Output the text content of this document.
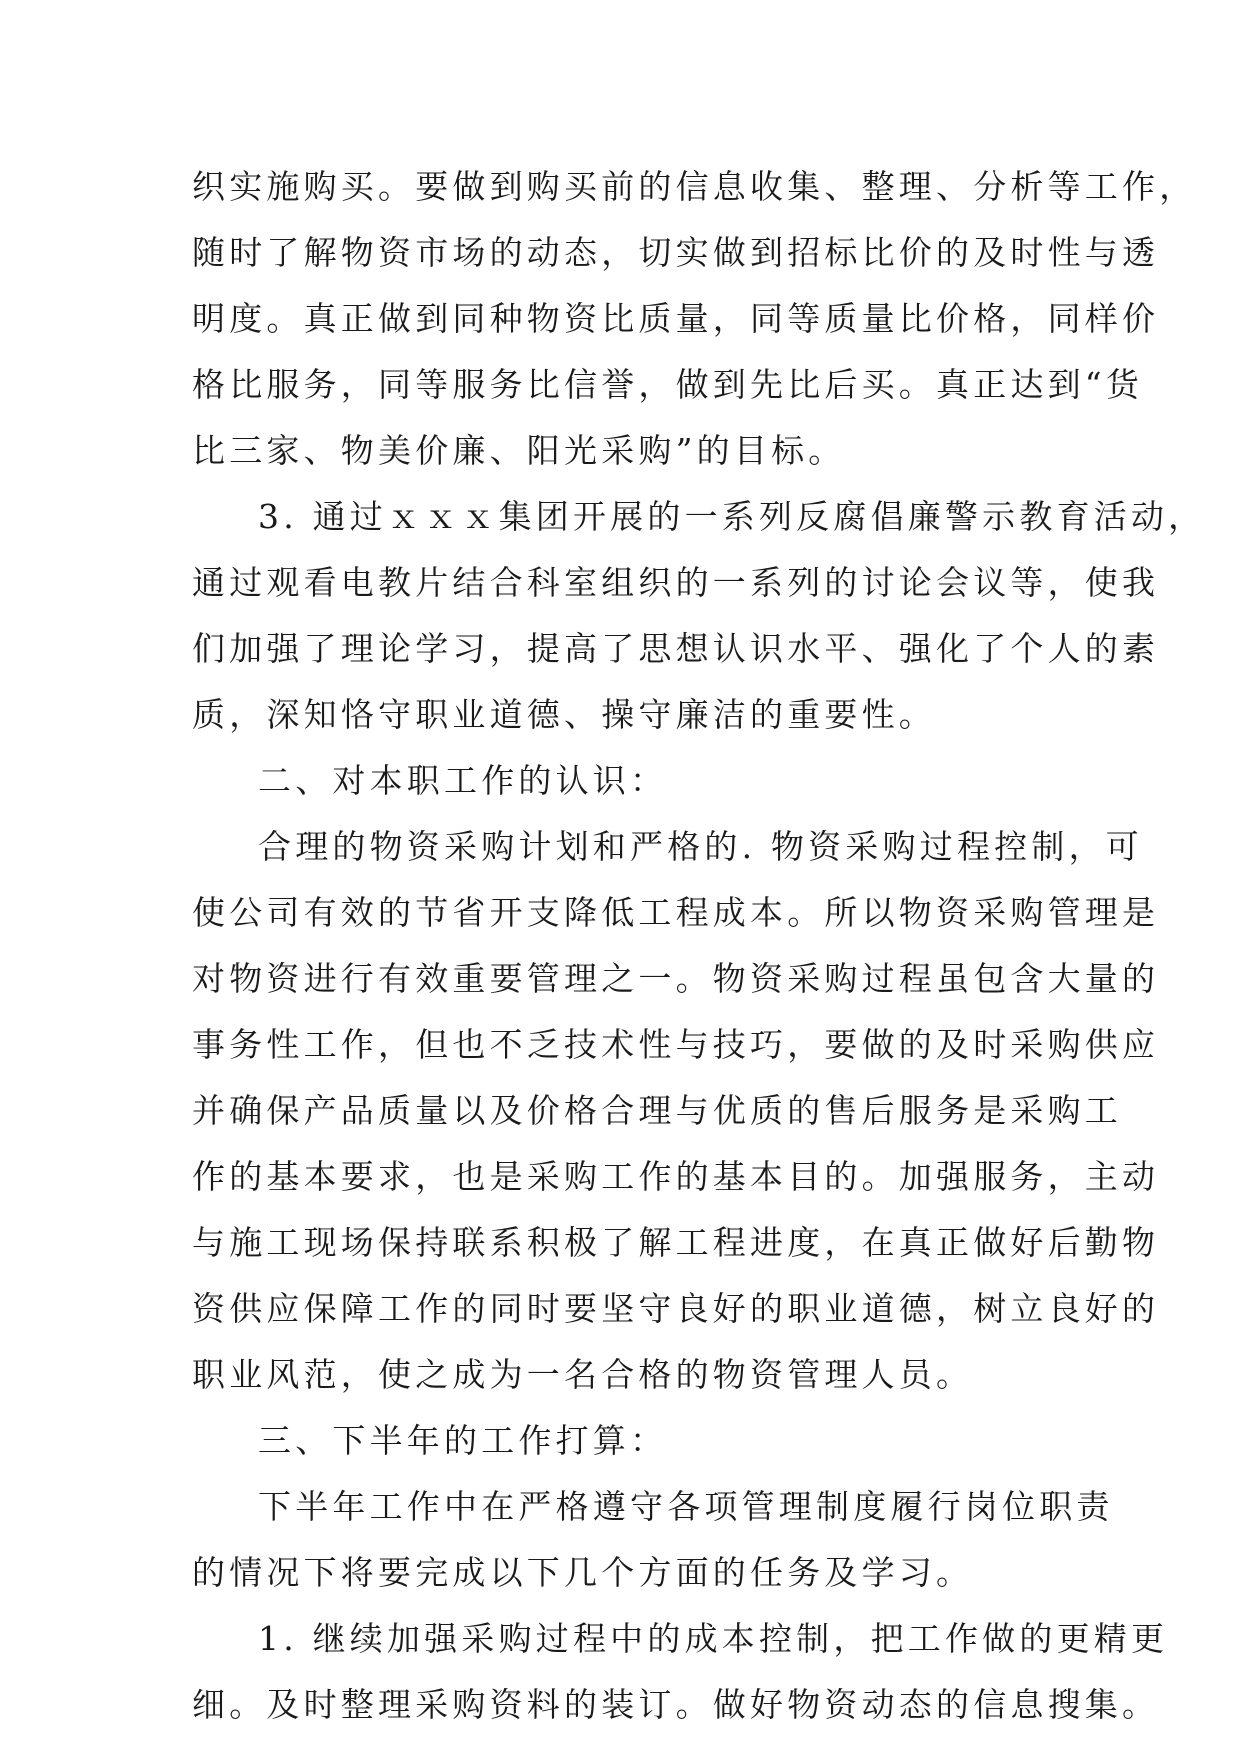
织实施购买。要做到购买前的信息收集、整理、分析等工作，
随时了解物资市场的动态，切实做到招标比价的及时性与透
明度。真正做到同种物资比质量，同等质量比价格，同样价
格比服务，同等服务比信誉，做到先比后买。真正达到“货
比三家、物美价廉、阳光采购”的目标。
3. 通过ｘｘｘ集团开展的一系列反腐倡廉警示教育活动，
通过观看电教片结合科室组织的一系列的讨论会议等，使我
们加强了理论学习，提高了思想认识水平、强化了个人的素
质，深知恪守职业道德、操守廉洁的重要性。
二、对本职工作的认识：
合理的物资采购计划和严格的. 物资采购过程控制，可
使公司有效的节省开支降低工程成本。所以物资采购管理是
对物资进行有效重要管理之一。物资采购过程虽包含大量的
事务性工作，但也不乏技术性与技巧，要做的及时采购供应
并确保产品质量以及价格合理与优质的售后服务是采购工
作的基本要求，也是采购工作的基本目的。加强服务，主动
与施工现场保持联系积极了解工程进度，在真正做好后勤物
资供应保障工作的同时要坚守良好的职业道德，树立良好的
职业风范，使之成为一名合格的物资管理人员。
三、下半年的工作打算：
下半年工作中在严格遵守各项管理制度履行岗位职责
的情况下将要完成以下几个方面的任务及学习。
1. 继续加强采购过程中的成本控制，把工作做的更精更
细。及时整理采购资料的装订。做好物资动态的信息搜集。
